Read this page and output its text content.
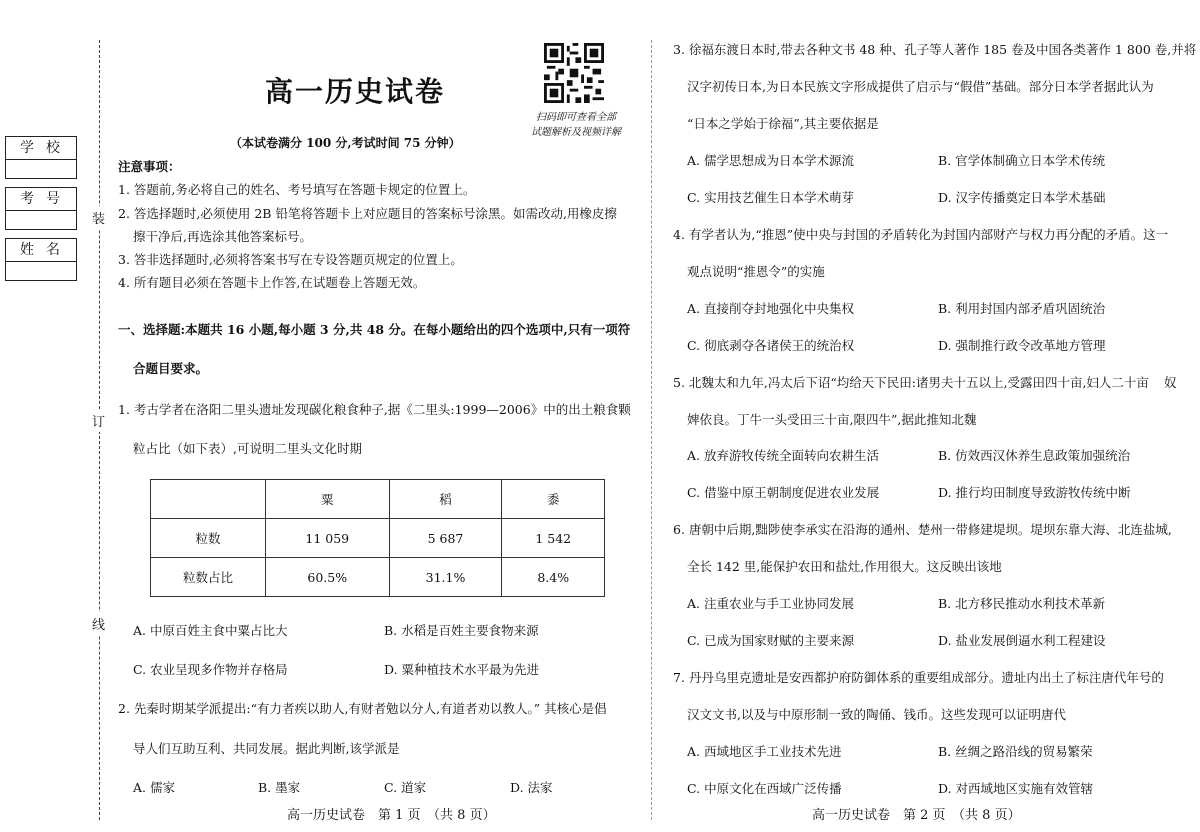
学校
考号
姓名
装
订
线
高一历史试卷
扫码即可查看全部
试题解析及视频详解
（本试卷满分 100 分,考试时间 75 分钟）
注意事项：
1. 答题前,务必将自己的姓名、考号填写在答题卡规定的位置上。
2. 答选择题时,必须使用 2B 铅笔将答题卡上对应题目的答案标号涂黑。如需改动,用橡皮擦
擦干净后,再选涂其他答案标号。
3. 答非选择题时,必须将答案书写在专设答题页规定的位置上。
4. 所有题目必须在答题卡上作答,在试题卷上答题无效。
一、选择题:本题共 16 小题,每小题 3 分,共 48 分。在每小题给出的四个选项中,只有一项符
合题目要求。
1. 考古学者在洛阳二里头遗址发现碳化粮食种子,据《二里头:1999—2006》中的出土粮食颗
粒占比（如下表）,可说明二里头文化时期
	粟	稻	黍
粒数	11 059	5 687	1 542
粒数占比	60.5%	31.1%	8.4%
A. 中原百姓主食中粟占比大	B. 水稻是百姓主要食物来源
C. 农业呈现多作物并存格局	D. 粟种植技术水平最为先进
2. 先秦时期某学派提出:“有力者疾以助人,有财者勉以分人,有道者劝以教人。” 其核心是倡
导人们互助互利、共同发展。据此判断,该学派是
A. 儒家	B. 墨家	C. 道家	D. 法家
3. 徐福东渡日本时,带去各种文书 48 种、孔子等人著作 185 卷及中国各类著作 1 800 卷,并将
汉字初传日本,为日本民族文字形成提供了启示与“假借”基础。部分日本学者据此认为
“日本之学始于徐福”,其主要依据是
A. 儒学思想成为日本学术源流	B. 官学体制确立日本学术传统
C. 实用技艺催生日本学术萌芽	D. 汉字传播奠定日本学术基础
4. 有学者认为,“推恩”使中央与封国的矛盾转化为封国内部财产与权力再分配的矛盾。这一
观点说明“推恩令”的实施
A. 直接削夺封地强化中央集权	B. 利用封国内部矛盾巩固统治
C. 彻底剥夺各诸侯王的统治权	D. 强制推行政令改革地方管理
5. 北魏太和九年,冯太后下诏“均给天下民田:诸男夫十五以上,受露田四十亩,妇人二十亩 奴
婢依良。丁牛一头受田三十亩,限四牛”,据此推知北魏
A. 放弃游牧传统全面转向农耕生活	B. 仿效西汉休养生息政策加强统治
C. 借鉴中原王朝制度促进农业发展	D. 推行均田制度导致游牧传统中断
6. 唐朝中后期,黜陟使李承实在沿海的通州、楚州一带修建堤坝。堤坝东靠大海、北连盐城,
全长 142 里,能保护农田和盐灶,作用很大。这反映出该地
A. 注重农业与手工业协同发展	B. 北方移民推动水利技术革新
C. 已成为国家财赋的主要来源	D. 盐业发展倒逼水利工程建设
7. 丹丹乌里克遗址是安西都护府防御体系的重要组成部分。遗址内出土了标注唐代年号的
汉文文书,以及与中原形制一致的陶俑、钱币。这些发现可以证明唐代
A. 西域地区手工业技术先进	B. 丝绸之路沿线的贸易繁荣
C. 中原文化在西域广泛传播	D. 对西域地区实施有效管辖
高一历史试卷　第 1 页　（共 8 页）	高一历史试卷　第 2 页　（共 8 页）
